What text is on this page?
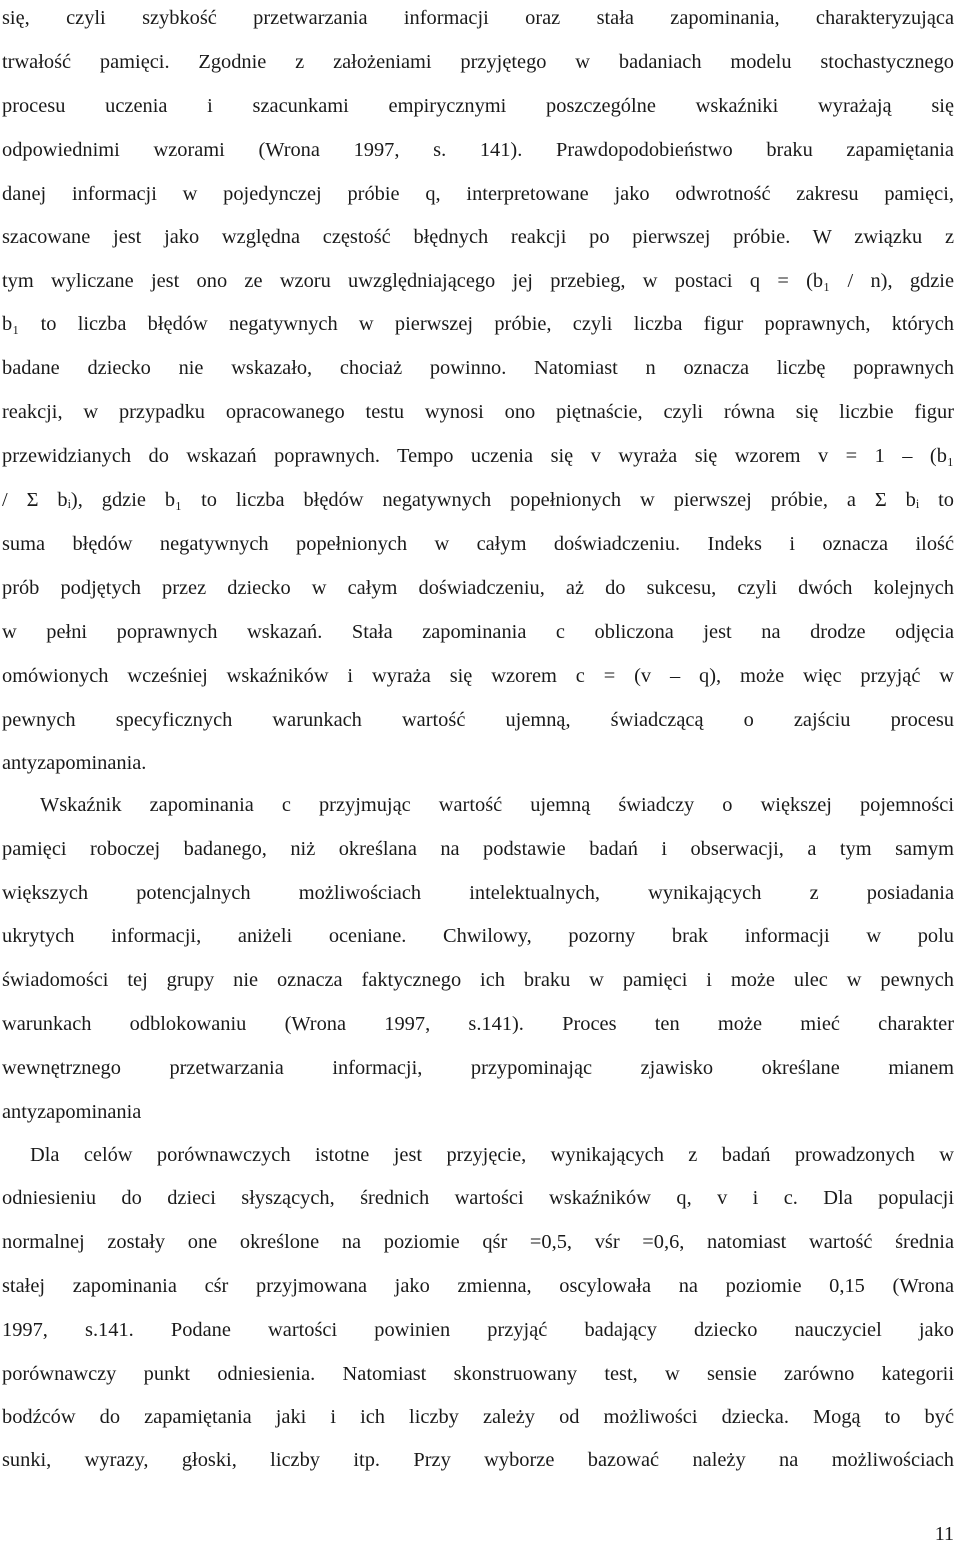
się, czyli szybkość przetwarzania informacji oraz stała zapominania, charakteryzująca
trwałość pamięci. Zgodnie z założeniami przyjętego w badaniach modelu stochastycznego
procesu uczenia i szacunkami empirycznymi poszczególne wskaźniki wyrażają się
odpowiednimi wzorami (Wrona 1997, s. 141). Prawdopodobieństwo braku zapamiętania
danej informacji w pojedynczej próbie q, interpretowane jako odwrotność zakresu pamięci,
szacowane jest jako względna częstość błędnych reakcji po pierwszej próbie. W związku z
tym wyliczane jest ono ze wzoru uwzględniającego jej przebieg, w postaci q = (b₁ / n), gdzie
b₁ to liczba błędów negatywnych w pierwszej próbie, czyli liczba figur poprawnych, których
badane dziecko nie wskazało, chociaż powinno. Natomiast n oznacza liczbę poprawnych
reakcji, w przypadku opracowanego testu wynosi ono piętnaście, czyli równa się liczbie figur
przewidzianych do wskazań poprawnych. Tempo uczenia się v wyraża się wzorem v = 1 – (b₁
/ Σ bᵢ), gdzie b₁ to liczba błędów negatywnych popełnionych w pierwszej próbie, a Σ bᵢ to
suma błędów negatywnych popełnionych w całym doświadczeniu. Indeks i oznacza ilość
prób podjętych przez dziecko w całym doświadczeniu, aż do sukcesu, czyli dwóch kolejnych
w pełni poprawnych wskazań. Stała zapominania c obliczona jest na drodze odjęcia
omówionych wcześniej wskaźników i wyraża się wzorem c = (v – q), może więc przyjąć w
pewnych specyficznych warunkach wartość ujemną, świadczącą o zajściu procesu
antyzapominania.
Wskaźnik zapominania c przyjmując wartość ujemną świadczy o większej pojemności
pamięci roboczej badanego, niż określana na podstawie badań i obserwacji, a tym samym
większych potencjalnych możliwościach intelektualnych, wynikających z posiadania
ukrytych informacji, aniżeli oceniane. Chwilowy, pozorny brak informacji w polu
świadomości tej grupy nie oznacza faktycznego ich braku w pamięci i może ulec w pewnych
warunkach odblokowaniu (Wrona 1997, s.141). Proces ten może mieć charakter
wewnętrznego przetwarzania informacji, przypominając zjawisko określane mianem
antyzapominania
Dla celów porównawczych istotne jest przyjęcie, wynikających z badań prowadzonych w
odniesieniu do dzieci słyszących, średnich wartości wskaźników q, v i c. Dla populacji
normalnej zostały one określone na poziomie qśr =0,5, vśr =0,6, natomiast wartość średnia
stałej zapominania cśr przyjmowana jako zmienna, oscylowała na poziomie 0,15 (Wrona
1997, s.141. Podane wartości powinien przyjąć badający dziecko nauczyciel jako
porównawczy punkt odniesienia. Natomiast skonstruowany test, w sensie zarówno kategorii
bodźców do zapamiętania jaki i ich liczby zależy od możliwości dziecka. Mogą to być
sunki, wyrazy, głoski, liczby itp. Przy wyborze bazować należy na możliwościach
11
